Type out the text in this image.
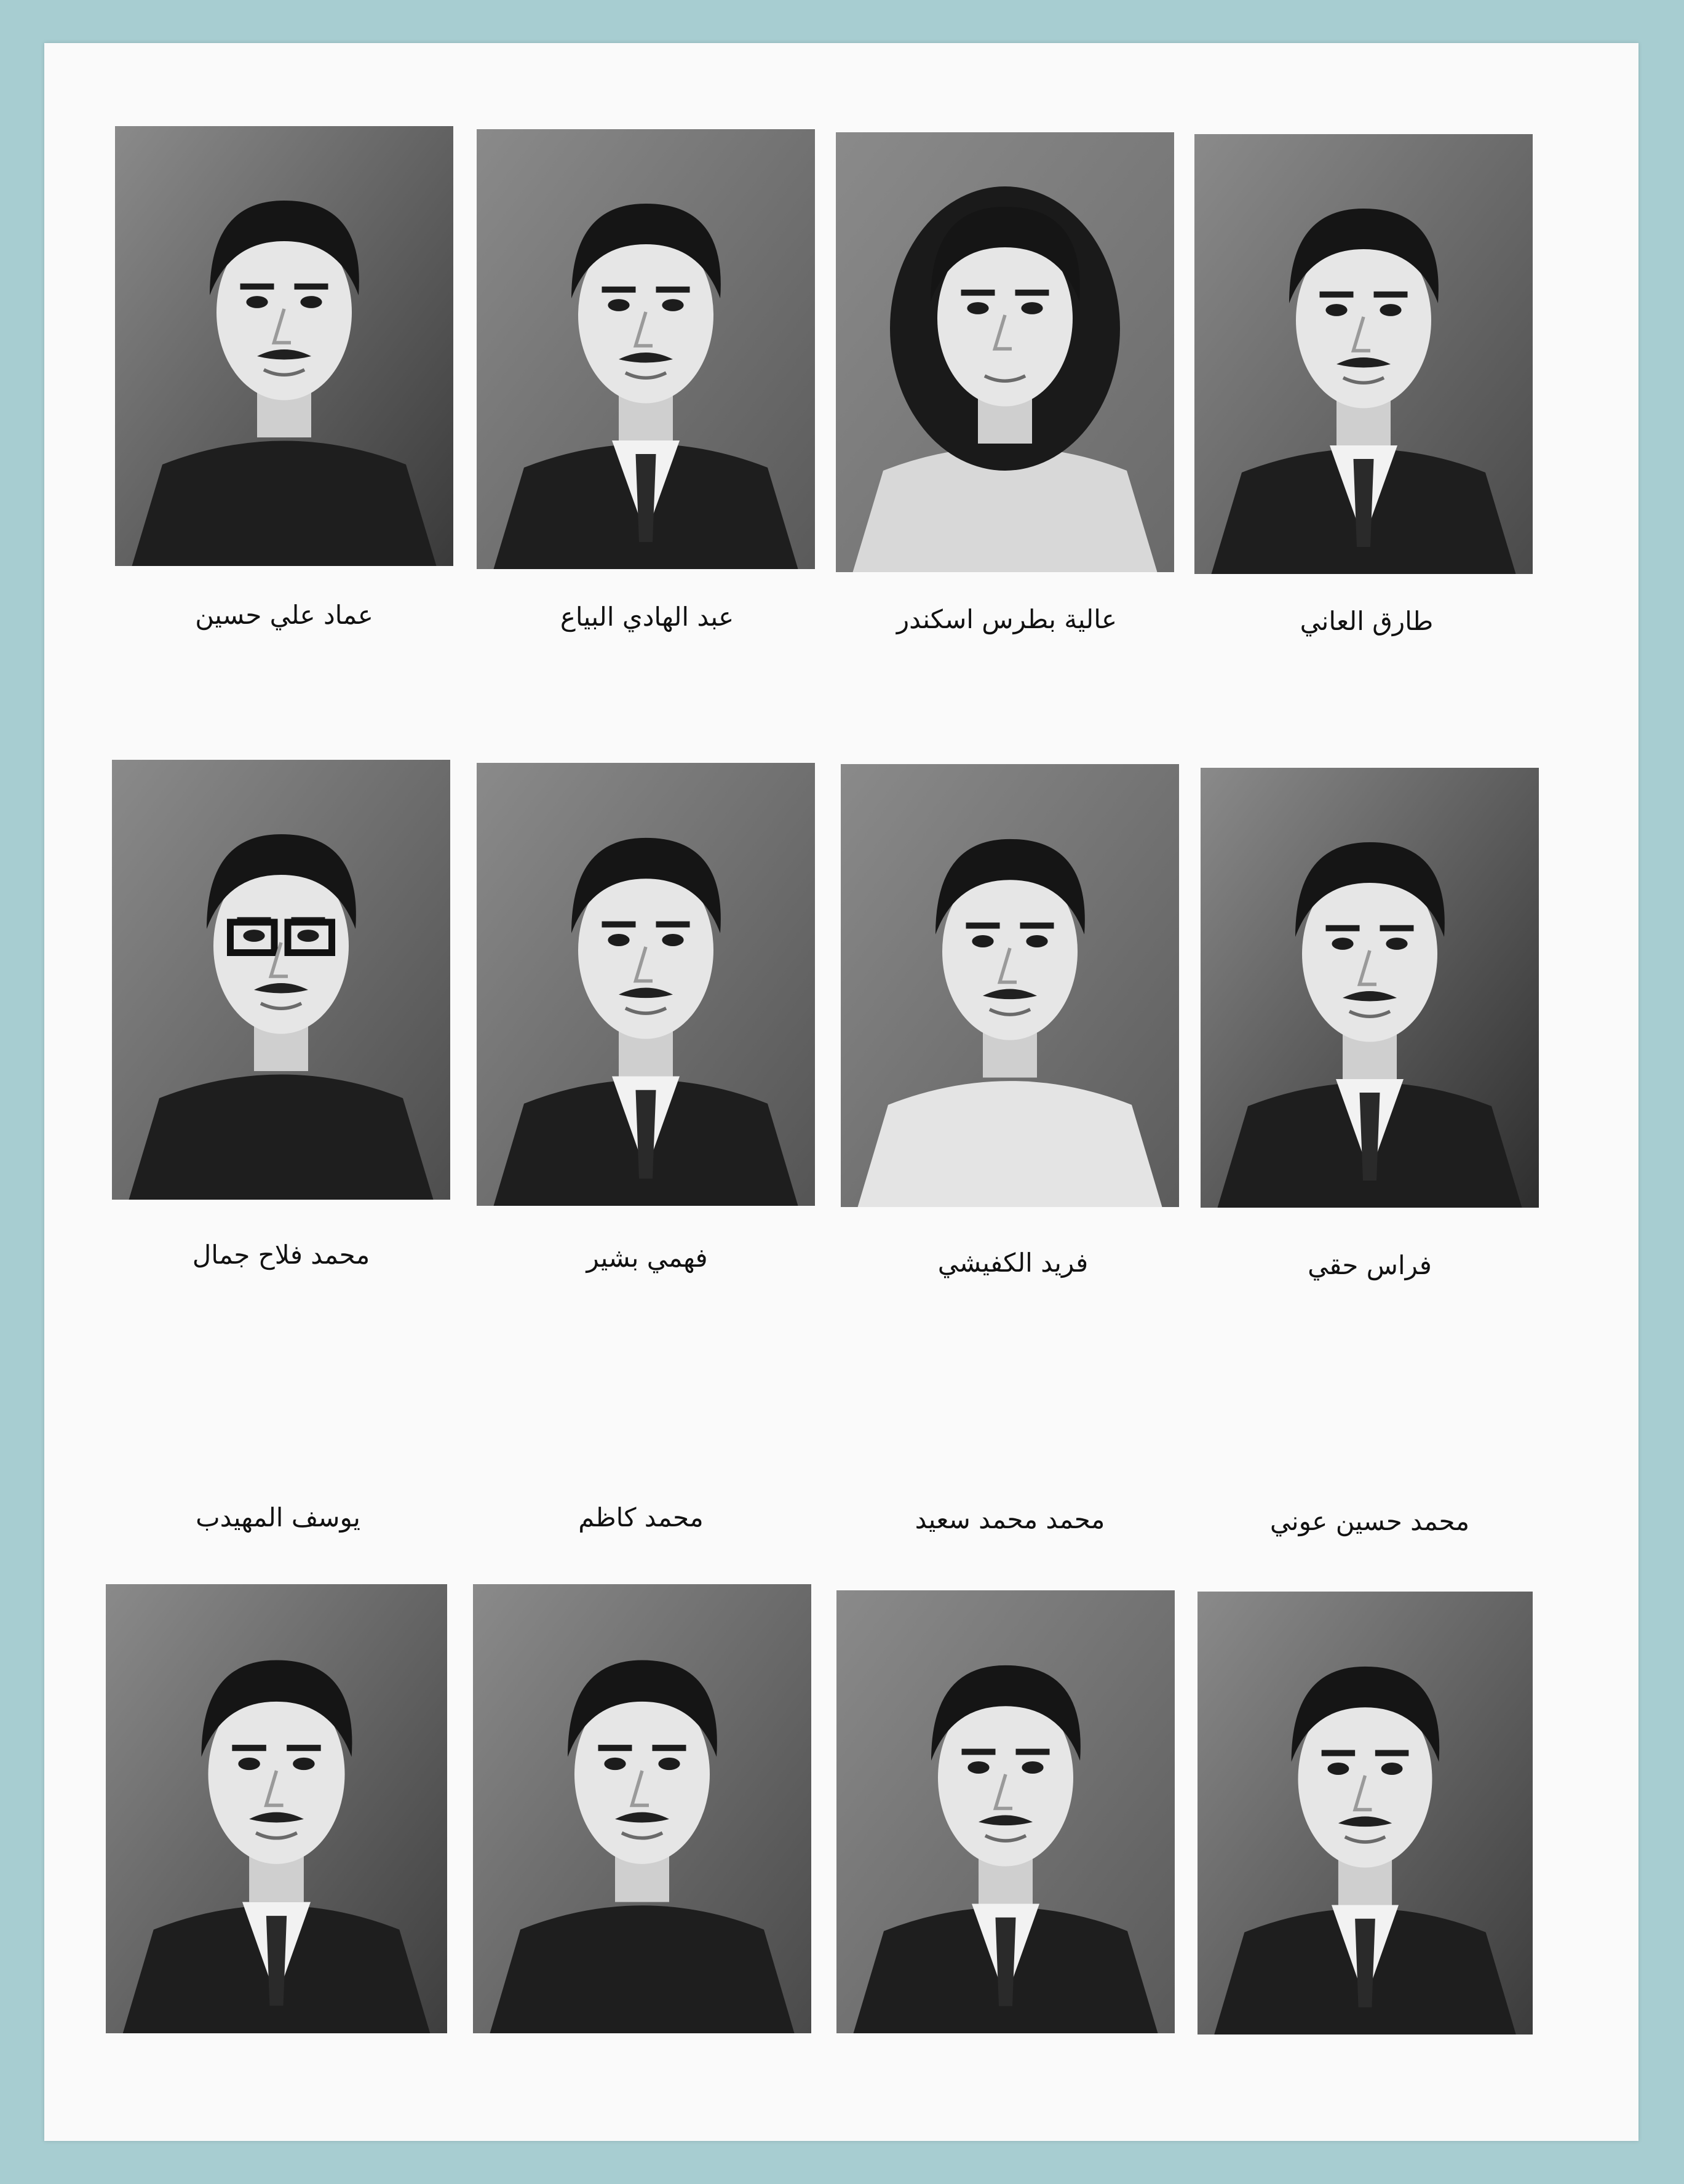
عماد علي حسين	عبد الهادي البياع	عالية بطرس اسكندر	طارق العاني
محمد فلاح جمال	فهمي بشير	فريد الكفيشي	فراس حقي
يوسف المهيدب	محمد كاظم	محمد محمد سعيد	محمد حسين عوني
